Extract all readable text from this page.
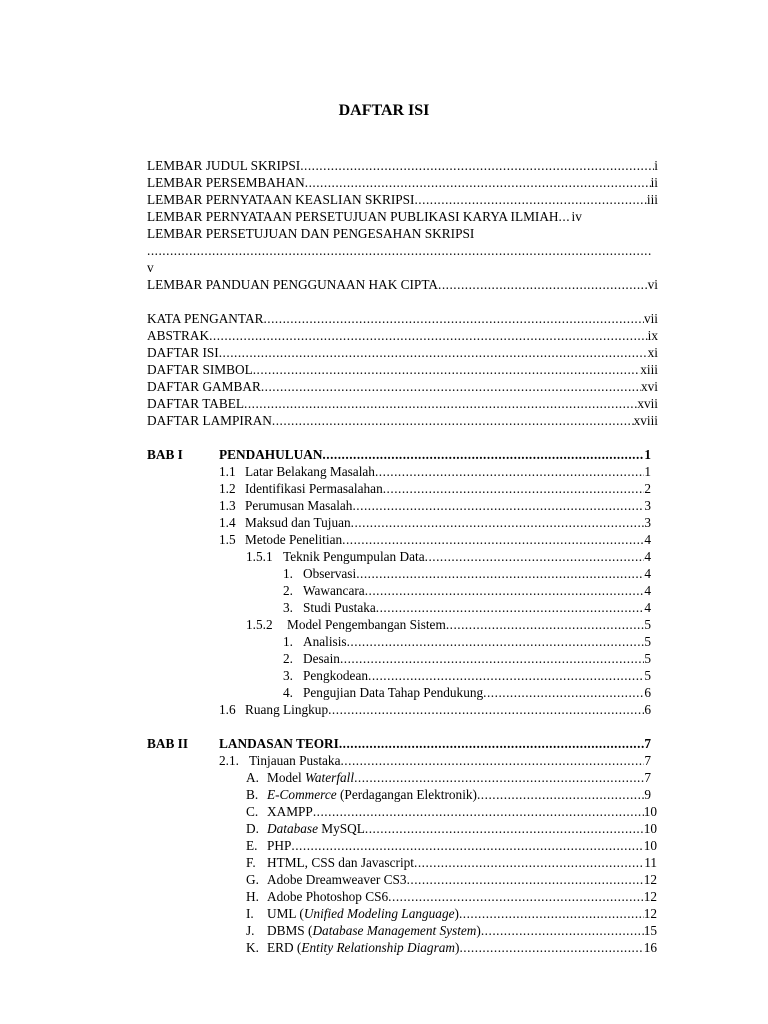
DAFTAR ISI
LEMBAR JUDUL SKRIPSI .....	i
LEMBAR PERSEMBAHAN .....	ii
LEMBAR PERNYATAAN KEASLIAN SKRIPSI .....	iii
LEMBAR PERNYATAAN PERSETUJUAN PUBLIKASI KARYA ILMIAH ..... iv
LEMBAR PERSETUJUAN DAN PENGESAHAN SKRIPSI
.....
v
LEMBAR PANDUAN PENGGUNAAN HAK CIPTA .....	vi
KATA PENGANTAR .....	vii
ABSTRAK .....	ix
DAFTAR ISI .....	xi
DAFTAR SIMBOL .....	xiii
DAFTAR GAMBAR .....	xvi
DAFTAR TABEL .....	xvii
DAFTAR LAMPIRAN .....	xviii
BAB I	PENDAHULUAN .....	1
1.1 Latar Belakang Masalah .....	1
1.2 Identifikasi Permasalahan .....	2
1.3 Perumusan Masalah .....	3
1.4 Maksud dan Tujuan .....	3
1.5 Metode Penelitian .....	4
1.5.1 Teknik Pengumpulan Data .....	4
1. Observasi .....	4
2. Wawancara .....	4
3. Studi Pustaka .....	4
1.5.2 Model Pengembangan Sistem .....	5
1. Analisis .....	5
2. Desain .....	5
3. Pengkodean .....	5
4. Pengujian Data Tahap Pendukung .....	6
1.6 Ruang Lingkup .....	6
BAB II LANDASAN TEORI .....	7
2.1. Tinjauan Pustaka .....	7
A. Model Waterfall .....	7
B. E-Commerce (Perdagangan Elektronik) .....	9
C. XAMPP .....	10
D. Database MySQL .....	10
E. PHP .....	10
F. HTML, CSS dan Javascript .....	11
G. Adobe Dreamweaver CS3 .....	12
H. Adobe Photoshop CS6 .....	12
I. UML (Unified Modeling Language) .....	12
J. DBMS (Database Management System) .....	15
K. ERD (Entity Relationship Diagram) .....	16
